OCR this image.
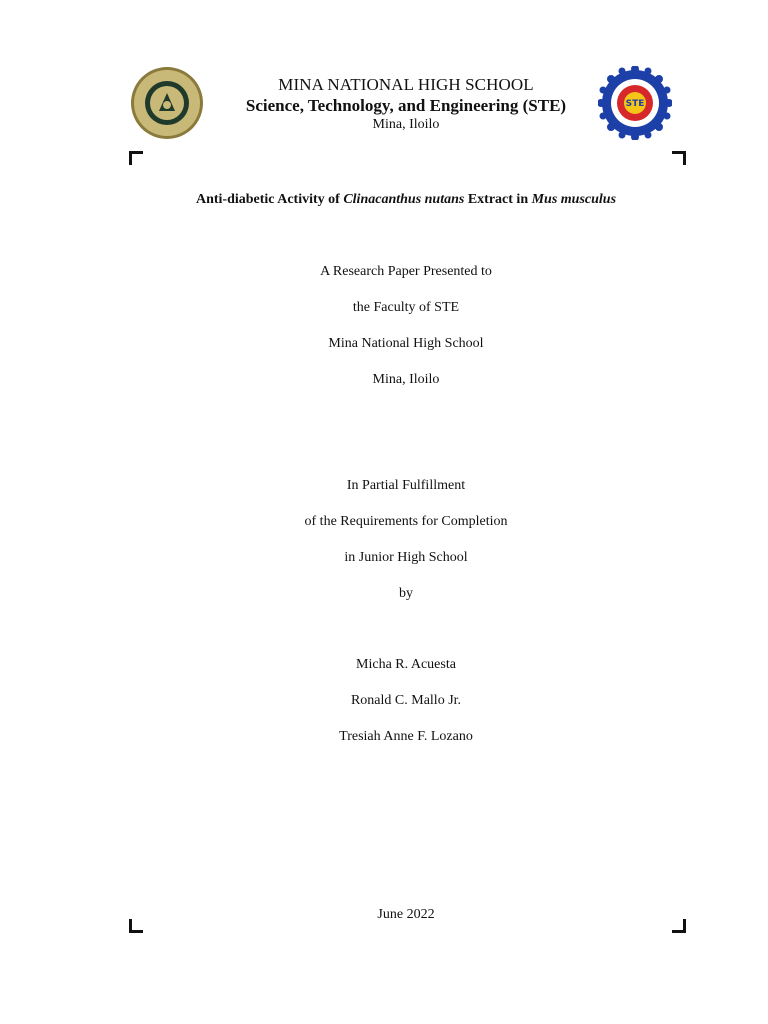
MINA NATIONAL HIGH SCHOOL
Science, Technology, and Engineering (STE)
Mina, Iloilo
STE
Anti-diabetic Activity of Clinacanthus nutans Extract in Mus musculus
A Research Paper Presented to
the Faculty of STE
Mina National High School
Mina, Iloilo
In Partial Fulfillment
of the Requirements for Completion
in Junior High School
by
Micha R. Acuesta
Ronald C. Mallo Jr.
Tresiah Anne F. Lozano
June 2022
